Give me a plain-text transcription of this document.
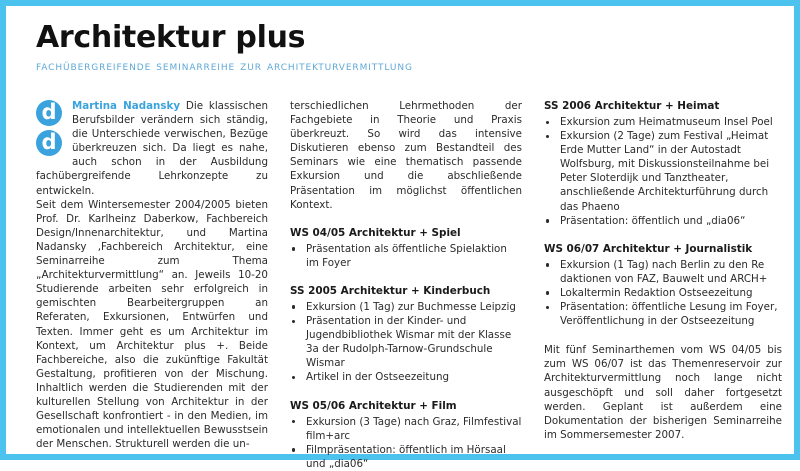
Architektur plus
fachübergreifende seminarreihe zur architekturvermittlung
d
d

Martina Nadansky Die klassischen Berufsbilder verändern sich ständig, die Unterschiede verwischen, Bezüge überkreuzen sich. Da liegt es nahe, auch schon in der Ausbildung fachübergreifende Lehrkonzepte zu entwickeln.

Seit dem Wintersemester 2004/2005 bieten Prof. Dr. Karlheinz Daberkow, Fachbereich Design/Innenarchitektur, und Martina Nadansky ,Fachbereich Architektur, eine Seminarreihe zum Thema „Architekturvermittlung“ an. Jeweils 10-20 Studierende arbeiten sehr erfolgreich in gemischten Bearbeitergruppen an Referaten, Exkursionen, Entwürfen und Texten. Immer geht es um Architektur im Kontext, um Architektur plus +. Beide Fachbereiche, also die zukünftige Fakultät Gestaltung, profitieren von der Mischung. Inhaltlich werden die Studierenden mit der kulturellen Stellung von Architektur in der Gesellschaft konfrontiert - in den Medien, im emotionalen und intellektuellen Bewusstsein der Menschen. Strukturell werden die un-

terschiedlichen Lehrmethoden der Fachgebiete in Theorie und Praxis überkreuzt. So wird das intensive Diskutieren ebenso zum Bestandteil des Seminars wie eine thematisch passende Exkursion und die abschließende Präsentation im möglichst öffentlichen Kontext.

WS 04/05 Architektur + Spiel
Präsentation als öffentliche Spielaktion im Foyer
SS 2005 Architektur + Kinderbuch
Exkursion (1 Tag) zur Buchmesse Leipzig
Präsentation in der Kinder- und Jugendbibliothek Wismar mit der Klasse 3a der Rudolph-Tarnow-Grundschule Wismar
Artikel in der Ostseezeitung
WS 05/06 Architektur + Film
Exkursion (3 Tage) nach Graz, Filmfestival film+arc
Filmpräsentation: öffentlich im Hörsaal und „dia06“
SS 2006 Architektur + Heimat
Exkursion zum Heimatmuseum Insel Poel
Exkursion (2 Tage) zum Festival „Heimat Erde Mutter Land“ in der Autostadt Wolfsburg, mit Diskussionsteilnahme bei Peter Sloterdijk und Tanztheater, anschließende Architekturführung durch das Phaeno
Präsentation: öffentlich und „dia06“
WS 06/07 Architektur + Journalistik
Exkursion (1 Tag) nach Berlin zu den Re daktionen von FAZ, Bauwelt und ARCH+
Lokaltermin Redaktion Ostseezeitung
Präsentation: öffentliche Lesung im Foyer, Veröffentlichung in der Ostseezeitung

Mit fünf Seminarthemen vom WS 04/05 bis zum WS 06/07 ist das Themenreservoir zur Architekturvermittlung noch lange nicht ausgeschöpft und soll daher fortgesetzt werden. Geplant ist außerdem eine Dokumentation der bisherigen Seminarreihe im Sommersemester 2007.
